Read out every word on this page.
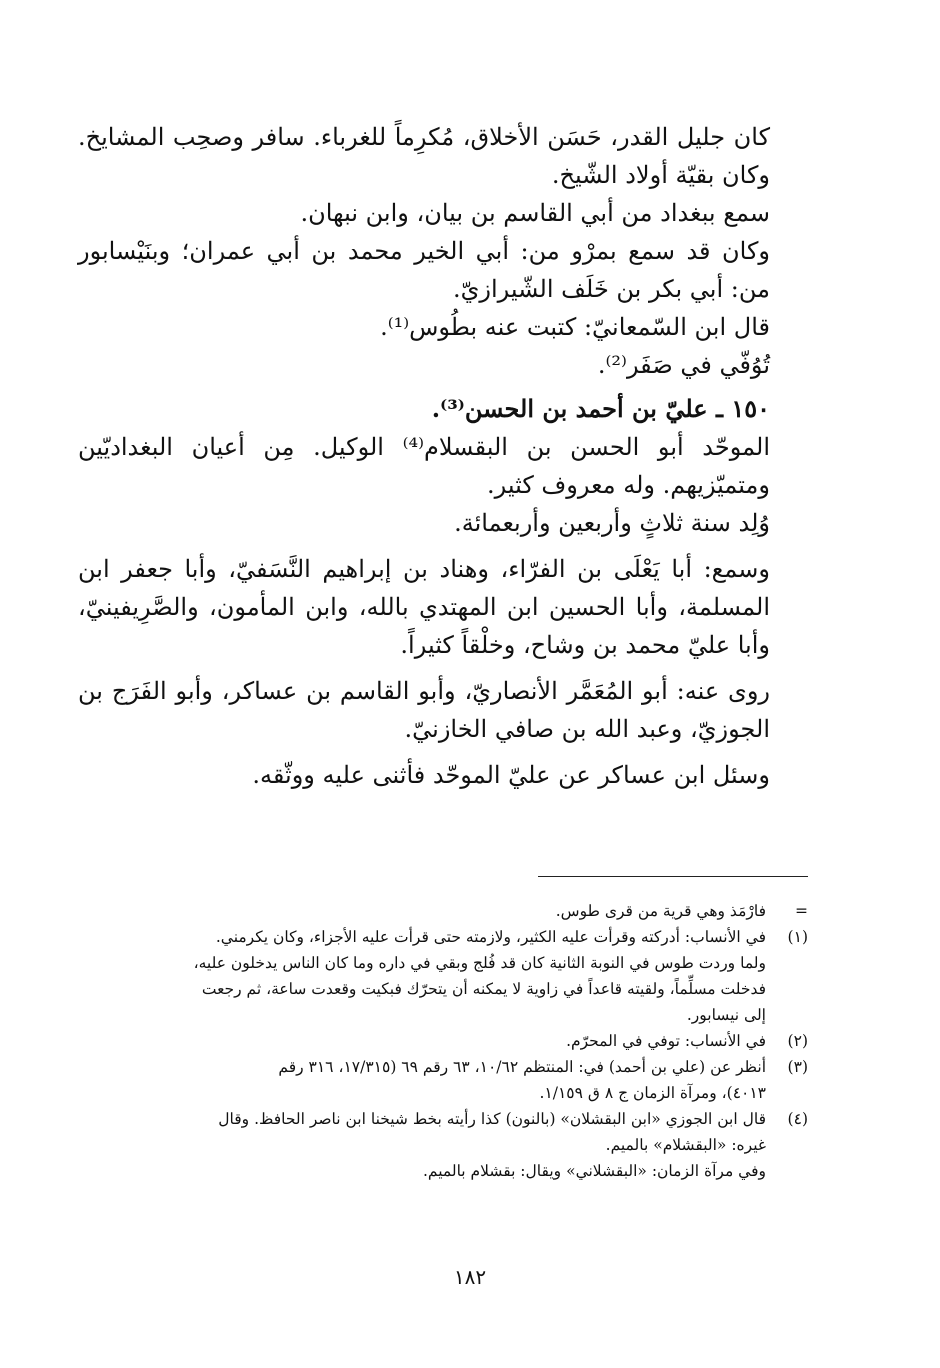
كان جليل القدر، حَسَن الأخلاق، مُكرِماً للغرباء. سافر وصحِب المشايخ. وكان بقيّة أولاد الشّيخ.

سمع ببغداد من أبي القاسم بن بيان، وابن نبهان.

وكان قد سمع بمرْو من: أبي الخير محمد بن أبي عمران؛ وبنَيْسابور من: أبي بكر بن خَلَف الشّيرازيّ.

قال ابن السّمعانيّ: كتبت عنه بطُوس⁽¹⁾.

تُوُفّي في صَفَر⁽²⁾.

١٥٠ ـ عليّ بن أحمد بن الحسن⁽³⁾.

الموحّد أبو الحسن بن البقسلام⁽⁴⁾ الوكيل. مِن أعيان البغداديّين ومتميّزيهم. وله معروف كثير.

وُلِد سنة ثلاثٍ وأربعين وأربعمائة.

وسمع: أبا يَعْلَى بن الفرّاء، وهناد بن إبراهيم النَّسَفيّ، وأبا جعفر ابن المسلمة، وأبا الحسين ابن المهتدي بالله، وابن المأمون، والصَّرِيفينيّ، وأبا عليّ محمد بن وشاح، وخلْقاً كثيراً.

روى عنه: أبو المُعَمَّر الأنصاريّ، وأبو القاسم بن عساكر، وأبو الفَرَج بن الجوزيّ، وعبد الله بن صافي الخازنيّ.

وسئل ابن عساكر عن عليّ الموحّد فأثنى عليه ووثّقه.

=

فارْمَذ وهي قرية من قرى طوس.

(١)

في الأنساب: أدركته وقرأت عليه الكثير، ولازمته حتى قرأت عليه الأجزاء، وكان يكرمني.

ولما وردت طوس في النوبة الثانية كان قد فُلج وبقي في داره وما كان الناس يدخلون عليه،

فدخلت مسلِّماً، ولقيته قاعداً في زاوية لا يمكنه أن يتحرّك فبكيت وقعدت ساعة، ثم رجعت

إلى نيسابور.

(٢)

في الأنساب: توفي في المحرّم.

(٣)

أنظر عن (علي بن أحمد) في: المنتظم ١٠/٦٢، ٦٣ رقم ٦٩ (١٧/٣١٥، ٣١٦ رقم

٤٠١٣)، ومرآة الزمان ج ٨ ق ١/١٥٩.

(٤)

قال ابن الجوزي «ابن البقشلان» (بالنون) كذا رأيته بخط شيخنا ابن ناصر الحافظ. وقال

غيره: «البقشلام» بالميم.

وفي مرآة الزمان: «البقشلاني» ويقال: بقشلام بالميم.

١٨٢
